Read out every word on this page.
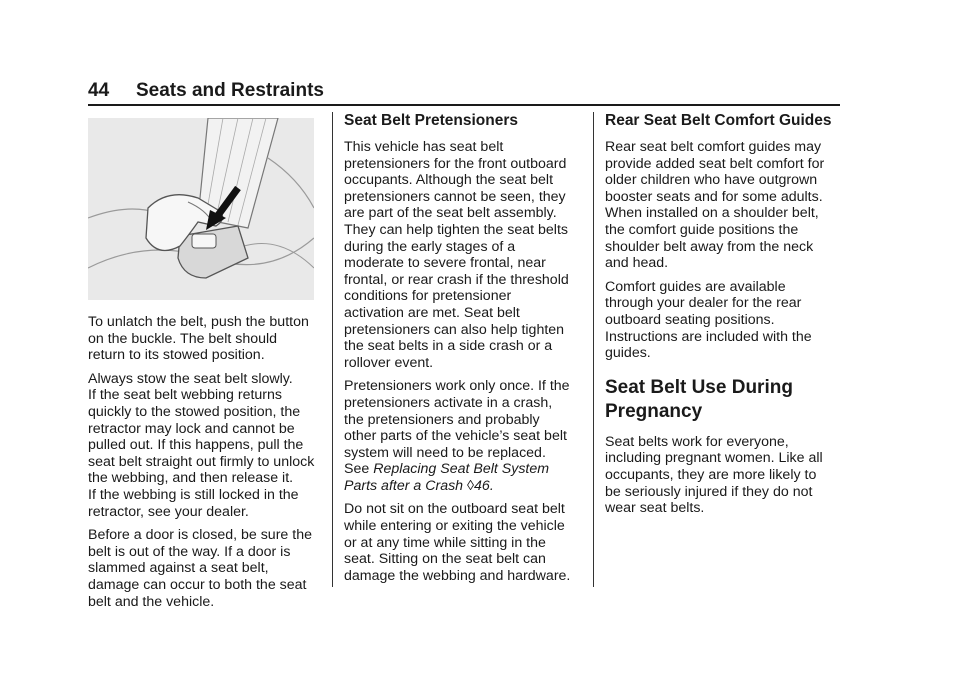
44 Seats and Restraints

To unlatch the belt, push the button
on the buckle. The belt should
return to its stowed position.

Always stow the seat belt slowly.
If the seat belt webbing returns
quickly to the stowed position, the
retractor may lock and cannot be
pulled out. If this happens, pull the
seat belt straight out firmly to unlock
the webbing, and then release it.
If the webbing is still locked in the
retractor, see your dealer.

Before a door is closed, be sure the
belt is out of the way. If a door is
slammed against a seat belt,
damage can occur to both the seat
belt and the vehicle.

Seat Belt Pretensioners

This vehicle has seat belt
pretensioners for the front outboard
occupants. Although the seat belt
pretensioners cannot be seen, they
are part of the seat belt assembly.
They can help tighten the seat belts
during the early stages of a
moderate to severe frontal, near
frontal, or rear crash if the threshold
conditions for pretensioner
activation are met. Seat belt
pretensioners can also help tighten
the seat belts in a side crash or a
rollover event.

Pretensioners work only once. If the
pretensioners activate in a crash,
the pretensioners and probably
other parts of the vehicle’s seat belt
system will need to be replaced.
See Replacing Seat Belt System
Parts after a Crash ◊46.

Do not sit on the outboard seat belt
while entering or exiting the vehicle
or at any time while sitting in the
seat. Sitting on the seat belt can
damage the webbing and hardware.

Rear Seat Belt Comfort Guides

Rear seat belt comfort guides may
provide added seat belt comfort for
older children who have outgrown
booster seats and for some adults.
When installed on a shoulder belt,
the comfort guide positions the
shoulder belt away from the neck
and head.

Comfort guides are available
through your dealer for the rear
outboard seating positions.
Instructions are included with the
guides.

Seat Belt Use During
Pregnancy

Seat belts work for everyone,
including pregnant women. Like all
occupants, they are more likely to
be seriously injured if they do not
wear seat belts.
